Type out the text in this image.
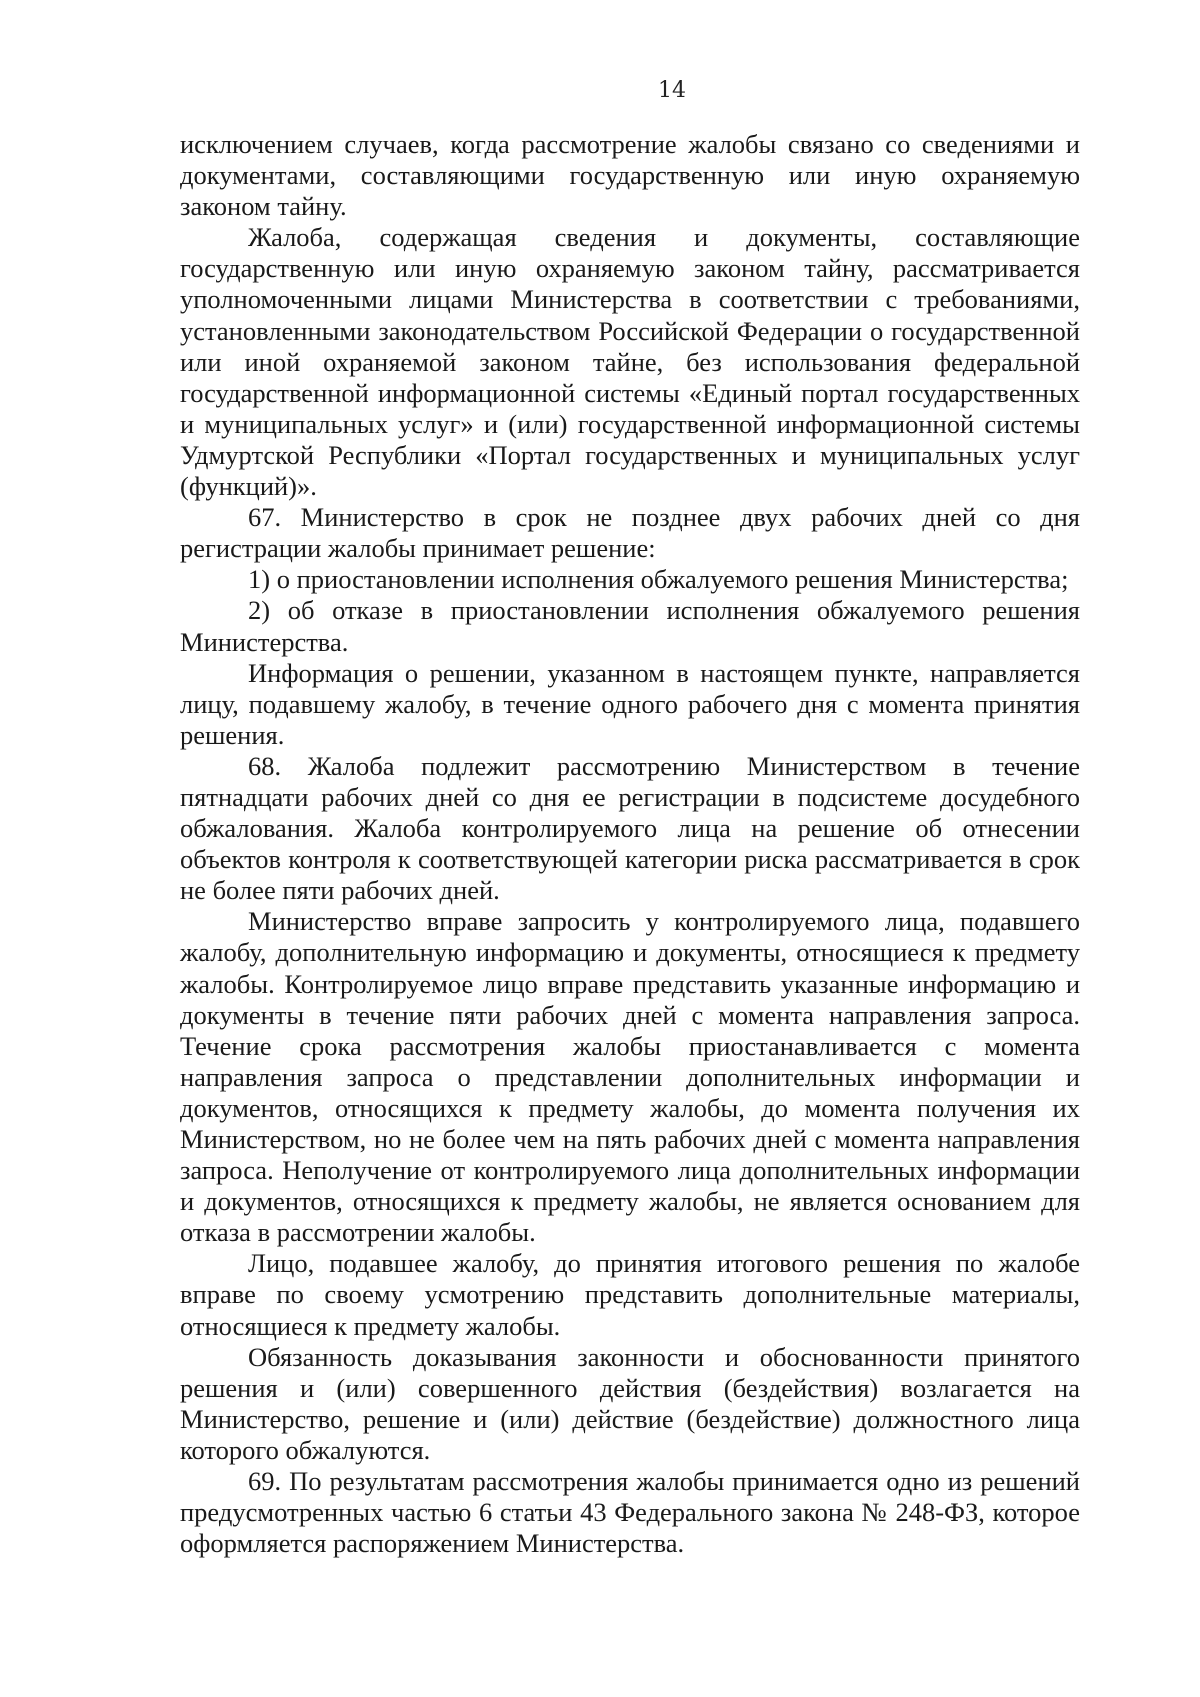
14

исключением случаев, когда рассмотрение жалобы связано со сведениями и документами, составляющими государственную или иную охраняемую законом тайну.

Жалоба, содержащая сведения и документы, составляющие государственную или иную охраняемую законом тайну, рассматривается уполномоченными лицами Министерства в соответствии с требованиями, установленными законодательством Российской Федерации о государственной или иной охраняемой законом тайне, без использования федеральной государственной информационной системы «Единый портал государственных и муниципальных услуг» и (или) государственной информационной системы Удмуртской Республики «Портал государственных и муниципальных услуг (функций)».

67. Министерство в срок не позднее двух рабочих дней со дня регистрации жалобы принимает решение:

1) о приостановлении исполнения обжалуемого решения Министерства;

2) об отказе в приостановлении исполнения обжалуемого решения Министерства.

Информация о решении, указанном в настоящем пункте, направляется лицу, подавшему жалобу, в течение одного рабочего дня с момента принятия решения.

68. Жалоба подлежит рассмотрению Министерством в течение пятнадцати рабочих дней со дня ее регистрации в подсистеме досудебного обжалования. Жалоба контролируемого лица на решение об отнесении объектов контроля к соответствующей категории риска рассматривается в срок не более пяти рабочих дней.

Министерство вправе запросить у контролируемого лица, подавшего жалобу, дополнительную информацию и документы, относящиеся к предмету жалобы. Контролируемое лицо вправе представить указанные информацию и документы в течение пяти рабочих дней с момента направления запроса. Течение срока рассмотрения жалобы приостанавливается с момента направления запроса о представлении дополнительных информации и документов, относящихся к предмету жалобы, до момента получения их Министерством, но не более чем на пять рабочих дней с момента направления запроса. Неполучение от контролируемого лица дополнительных информации и документов, относящихся к предмету жалобы, не является основанием для отказа в рассмотрении жалобы.

Лицо, подавшее жалобу, до принятия итогового решения по жалобе вправе по своему усмотрению представить дополнительные материалы, относящиеся к предмету жалобы.

Обязанность доказывания законности и обоснованности принятого решения и (или) совершенного действия (бездействия) возлагается на Министерство, решение и (или) действие (бездействие) должностного лица которого обжалуются.

69. По результатам рассмотрения жалобы принимается одно из решений предусмотренных частью 6 статьи 43 Федерального закона № 248-ФЗ, которое оформляется распоряжением Министерства.
